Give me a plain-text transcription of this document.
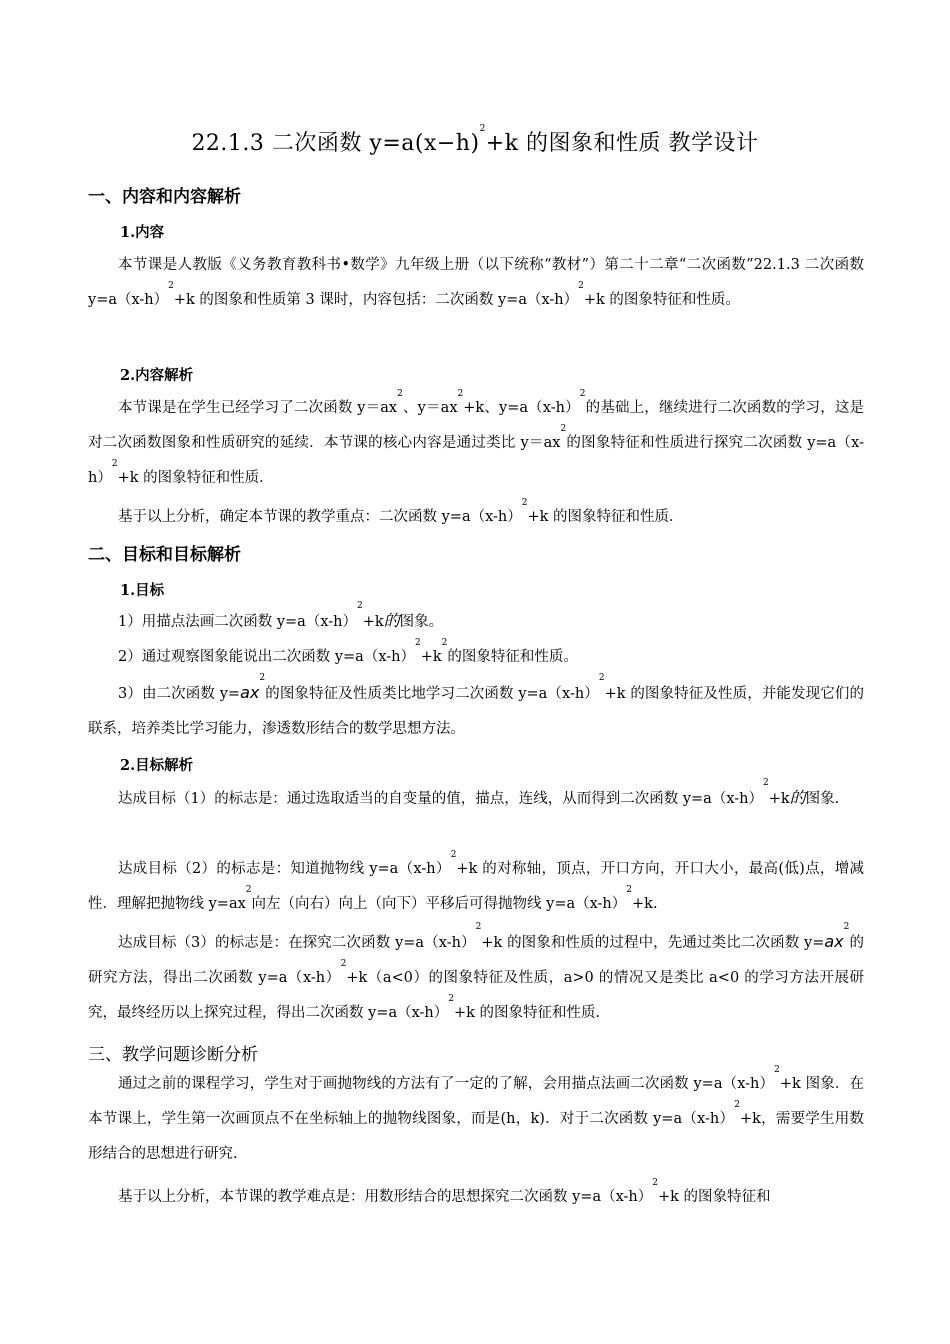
22.1.3 二次函数 $y=a(x-h)^2+k$ 的图象和性质 教学设计
一、内容和内容解析
1.内容
本节课是人教版《义务教育教科书•数学》九年级上册（以下统称“教材”）第二十二章“二次函数”22.1.3 二次函数 $y=a(x-h)^2+k$ 的图象和性质第 3 课时，内容包括：二次函数 $y=a(x-h)^2+k$ 的图象特征和性质。
2.内容解析
本节课是在学生已经学习了二次函数 $y=ax^2$、$y=ax^2+k$、$y=a(x-h)^2$的基础上，继续进行二次函数的学习，这是对二次函数图象和性质研究的延续．本节课的核心内容是通过类比 $y=ax^2$的图象特征和性质进行探究二次函数 $y=a(x-h)^2+k$ 的图象特征和性质．
基于以上分析，确定本节课的教学重点：二次函数 $y=a(x-h)^2+k$ 的图象特征和性质．
二、目标和目标解析
1.目标
1）用描点法画二次函数 $y=a(x-h)^2+k$的图象。
2）通过观察图象能说出二次函数 $y=a(x-h)^2+k^2$的图象特征和性质。
3）由二次函数 $y=ax^2$的图象特征及性质类比地学习二次函数 $y=a(x-h)^2+k$ 的图象特征及性质，并能发现它们的联系，培养类比学习能力，渗透数形结合的数学思想方法。
2.目标解析
达成目标（1）的标志是：通过选取适当的自变量的值，描点，连线，从而得到二次函数 $y=a(x-h)^2+k$的图象.
达成目标（2）的标志是：知道抛物线 $y=a(x-h)^2+k$ 的对称轴，顶点，开口方向，开口大小，最高(低)点，增减性．理解把抛物线 $y=ax^2$向左（向右）向上（向下）平移后可得抛物线 $y=a(x-h)^2+k$.
达成目标（3）的标志是：在探究二次函数 $y=a(x-h)^2+k$ 的图象和性质的过程中，先通过类比二次函数 $y=ax^2$的研究方法，得出二次函数 $y=a(x-h)^2+k(a<0)$的图象特征及性质，a>0 的情况又是类比 a<0 的学习方法开展研究，最终经历以上探究过程，得出二次函数 $y=a(x-h)^2+k$ 的图象特征和性质.
三、教学问题诊断分析
通过之前的课程学习，学生对于画抛物线的方法有了一定的了解，会用描点法画二次函数 $y=a(x-h)^2+k$ 图象．在本节课上，学生第一次画顶点不在坐标轴上的抛物线图象，而是(h，k)．对于二次函数 $y=a(x-h)^2+k$，需要学生用数形结合的思想进行研究.
基于以上分析，本节课的教学难点是：用数形结合的思想探究二次函数 $y=a(x-h)^2+k$ 的图象特征和
